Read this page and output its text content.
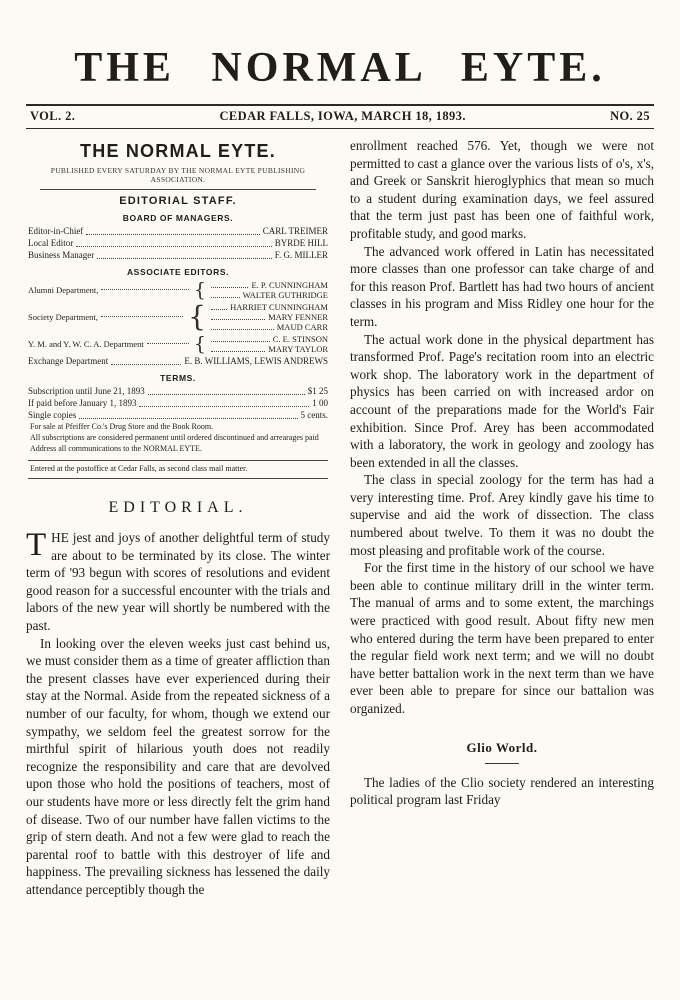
THE NORMAL EYTE.
VOL. 2.	CEDAR FALLS, IOWA, MARCH 18, 1893.	NO. 25
THE NORMAL EYTE.
PUBLISHED EVERY SATURDAY BY THE NORMAL EYTE PUBLISHING ASSOCIATION.
EDITORIAL STAFF.
BOARD OF MANAGERS.
Editor-in-Chief	CARL TREIMER
Local Editor	BYRDE HILL
Business Manager	F. G. MILLER
ASSOCIATE EDITORS.
Alumni Department,	{	E. P. CUNNINGHAM
WALTER GUTHRIDGE
Society Department,	{	HARRIET CUNNINGHAM
MARY FENNER
MAUD CARR
Y. M. and Y. W. C. A. Department	{	C. E. STINSON
MARY TAYLOR
Exchange Department	E. B. WILLIAMS, LEWIS ANDREWS
TERMS.
Subscription until June 21, 1893	$1 25
If paid before January 1, 1893	1 00
Single copies	5 cents.
For sale at Pfeiffer Co.'s Drug Store and the Book Room.
All subscriptions are considered permanent until ordered discontinued and arrearages paid
Address all communications to the NORMAL EYTE.
Entered at the postoffice at Cedar Falls, as second class mail matter.
EDITORIAL.

THE jest and joys of another delightful term of study are about to be terminated by its close. The winter term of '93 begun with scores of resolutions and evident good reason for a successful encounter with the trials and labors of the new year will shortly be numbered with the past.

In looking over the eleven weeks just cast behind us, we must consider them as a time of greater affliction than the present classes have ever experienced during their stay at the Normal. Aside from the repeated sickness of a number of our faculty, for whom, though we extend our sympathy, we seldom feel the greatest sorrow for the mirthful spirit of hilarious youth does not readily recognize the responsibility and care that are devolved upon those who hold the positions of teachers, most of our students have more or less directly felt the grim hand of disease. Two of our number have fallen victims to the grip of stern death. And not a few were glad to reach the parental roof to battle with this destroyer of life and happiness. The prevailing sickness has lessened the daily attendance perceptibly though the

enrollment reached 576. Yet, though we were not permitted to cast a glance over the various lists of o's, x's, and Greek or Sanskrit hieroglyphics that mean so much to a student during examination days, we feel assured that the term just past has been one of faithful work, profitable study, and good marks.

The advanced work offered in Latin has necessitated more classes than one professor can take charge of and for this reason Prof. Bartlett has had two hours of ancient classes in his program and Miss Ridley one hour for the term.

The actual work done in the physical department has transformed Prof. Page's recitation room into an electric work shop. The laboratory work in the department of physics has been carried on with increased ardor on account of the preparations made for the World's Fair exhibition. Since Prof. Arey has been accommodated with a laboratory, the work in geology and zoology has been extended in all the classes.

The class in special zoology for the term has had a very interesting time. Prof. Arey kindly gave his time to supervise and aid the work of dissection. The class numbered about twelve. To them it was no doubt the most pleasing and profitable work of the course.

For the first time in the history of our school we have been able to continue military drill in the winter term. The manual of arms and to some extent, the marchings were practiced with good result. About fifty new men who entered during the term have been prepared to enter the regular field work next term; and we will no doubt have better battalion work in the next term than we have ever been able to prepare for since our battalion was organized.

Glio World.

The ladies of the Clio society rendered an interesting political program last Friday
